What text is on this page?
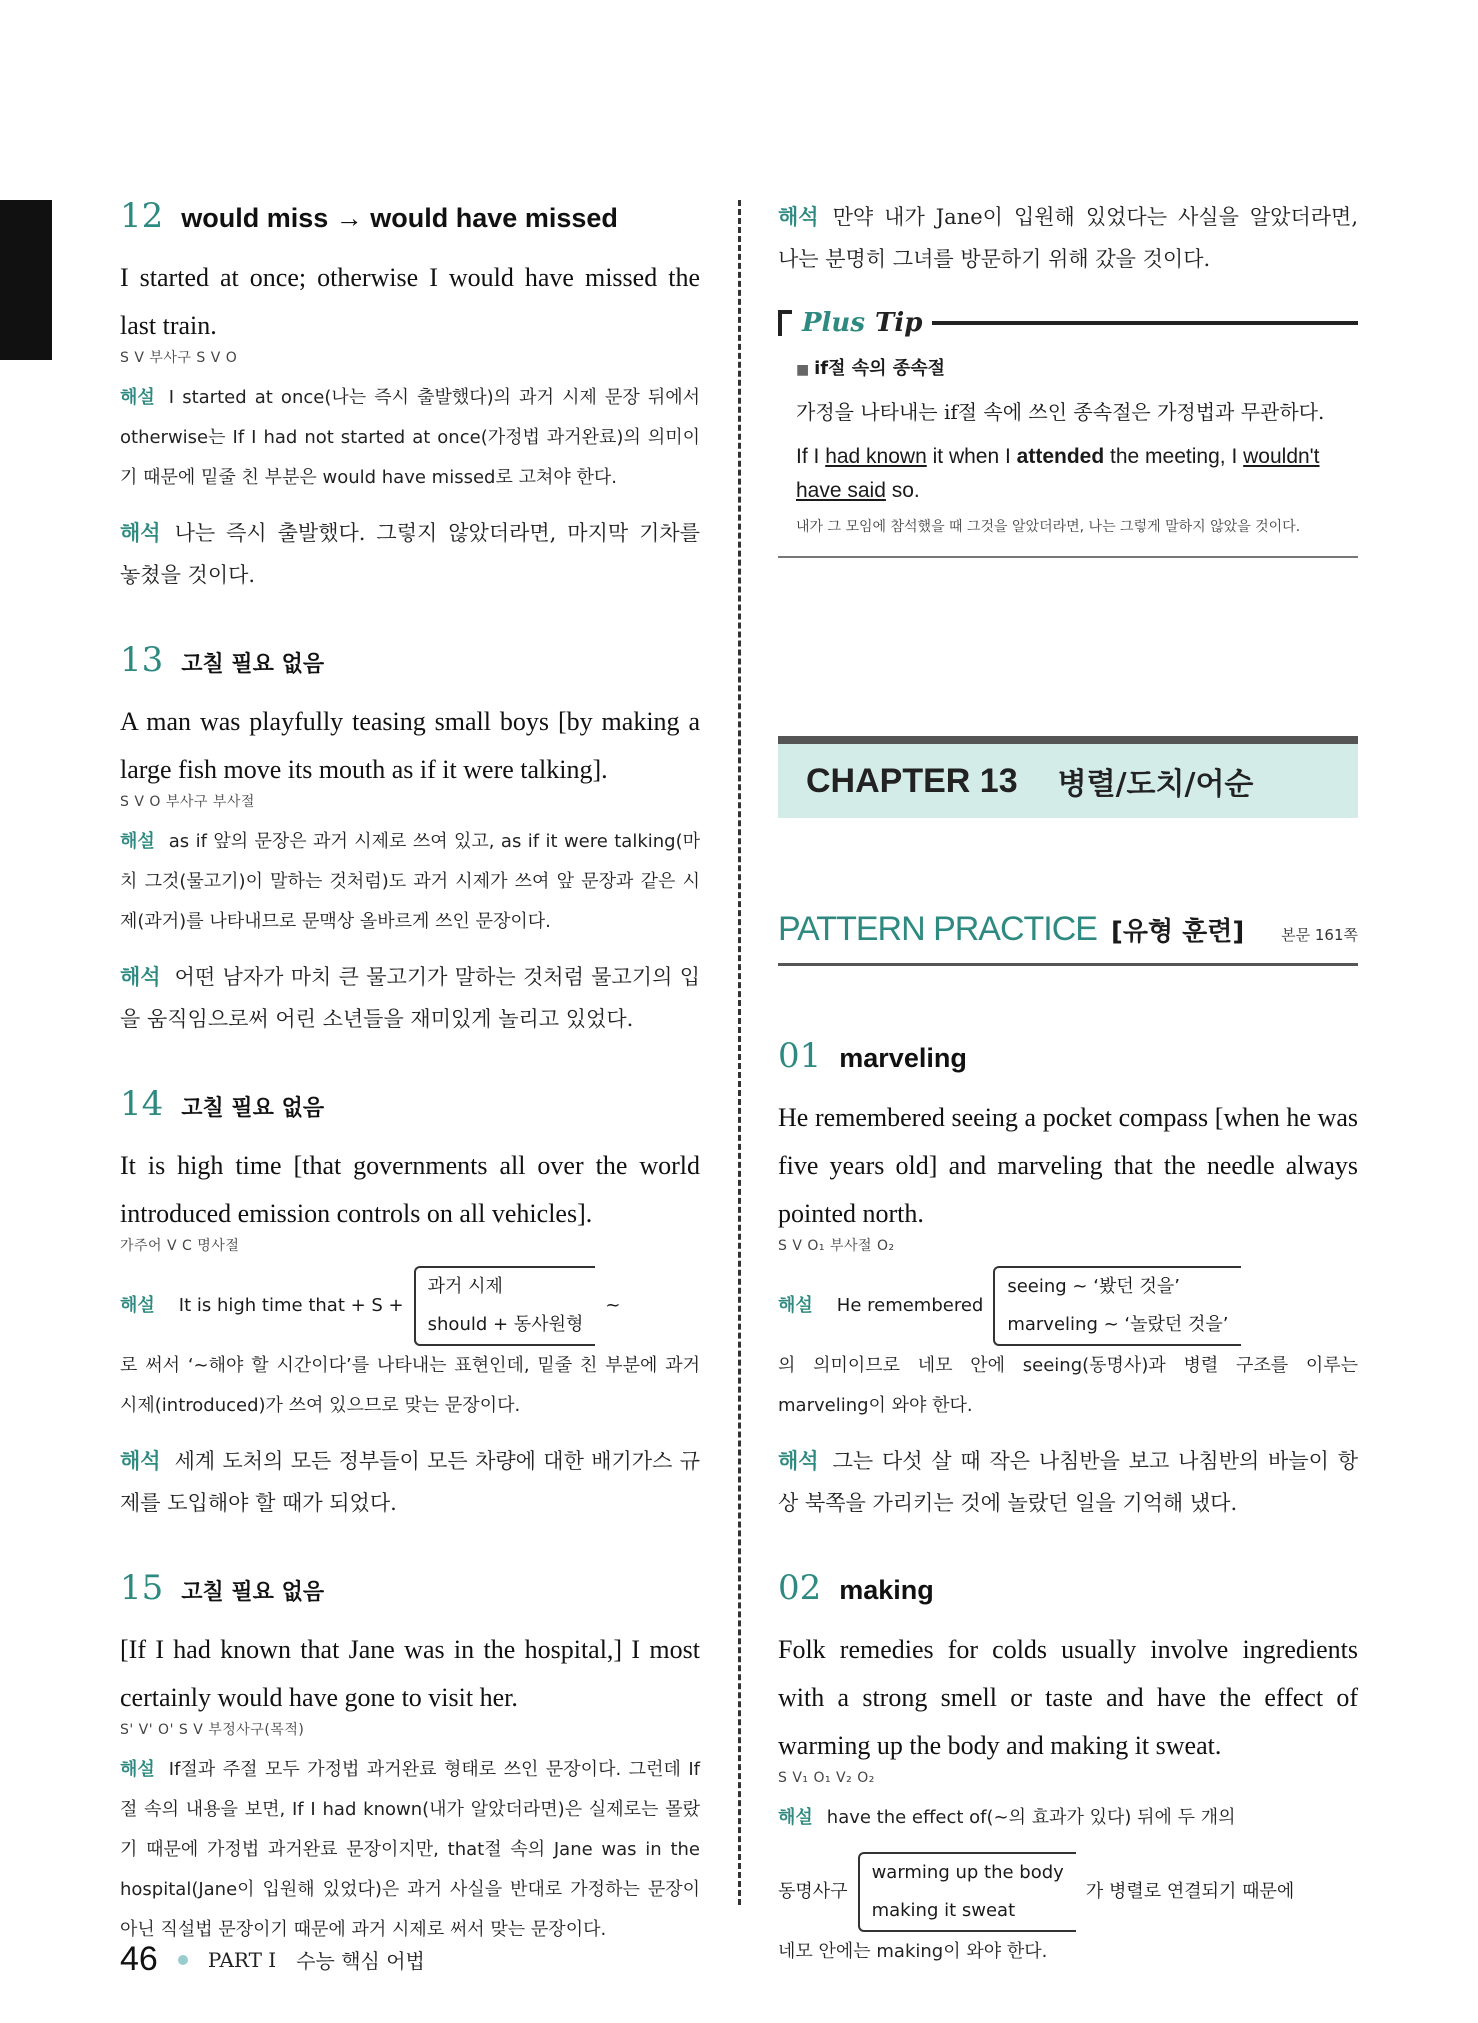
12 would miss → would have missed

I started at once; otherwise I would have missed the last train.

S V 부사구 S V O

해설 I started at once(나는 즉시 출발했다)의 과거 시제 문장 뒤에서 otherwise는 If I had not started at once(가정법 과거완료)의 의미이기 때문에 밑줄 친 부분은 would have missed로 고쳐야 한다.

해석 나는 즉시 출발했다. 그렇지 않았더라면, 마지막 기차를 놓쳤을 것이다.

13 고칠 필요 없음

A man was playfully teasing small boys [by making a large fish move its mouth as if it were talking].

S V O 부사구 부사절

해설 as if 앞의 문장은 과거 시제로 쓰여 있고, as if it were talking(마치 그것(물고기)이 말하는 것처럼)도 과거 시제가 쓰여 앞 문장과 같은 시제(과거)를 나타내므로 문맥상 올바르게 쓰인 문장이다.

해석 어떤 남자가 마치 큰 물고기가 말하는 것처럼 물고기의 입을 움직임으로써 어린 소년들을 재미있게 놀리고 있었다.

14 고칠 필요 없음

It is high time [that governments all over the world introduced emission controls on all vehicles].

가주어 V C 명사절

해설 It is high time that + S +
과거 시제
should + 동사원형
~

로 써서 ‘~해야 할 시간이다’를 나타내는 표현인데, 밑줄 친 부분에 과거 시제(introduced)가 쓰여 있으므로 맞는 문장이다.

해석 세계 도처의 모든 정부들이 모든 차량에 대한 배기가스 규제를 도입해야 할 때가 되었다.

15 고칠 필요 없음

[If I had known that Jane was in the hospital,] I most certainly would have gone to visit her.

S' V' O' S V 부정사구(목적)

해설 If절과 주절 모두 가정법 과거완료 형태로 쓰인 문장이다. 그런데 If절 속의 내용을 보면, If I had known(내가 알았더라면)은 실제로는 몰랐기 때문에 가정법 과거완료 문장이지만, that절 속의 Jane was in the hospital(Jane이 입원해 있었다)은 과거 사실을 반대로 가정하는 문장이 아닌 직설법 문장이기 때문에 과거 시제로 써서 맞는 문장이다.

해석 만약 내가 Jane이 입원해 있었다는 사실을 알았더라면, 나는 분명히 그녀를 방문하기 위해 갔을 것이다.

Plus Tip

■ if절 속의 종속절

가정을 나타내는 if절 속에 쓰인 종속절은 가정법과 무관하다.

If I had known it when I attended the meeting, I wouldn't have said so.

내가 그 모임에 참석했을 때 그것을 알았더라면, 나는 그렇게 말하지 않았을 것이다.

CHAPTER 13 병렬/도치/어순
PATTERN PRACTICE [유형 훈련] 본문 161쪽
01 marveling

He remembered seeing a pocket compass [when he was five years old] and marveling that the needle always pointed north.

S V O₁ 부사절 O₂

해설 He remembered
seeing ~ ‘봤던 것을’
marveling ~ ‘놀랐던 것을’

의 의미이므로 네모 안에 seeing(동명사)과 병렬 구조를 이루는 marveling이 와야 한다.

해석 그는 다섯 살 때 작은 나침반을 보고 나침반의 바늘이 항상 북쪽을 가리키는 것에 놀랐던 일을 기억해 냈다.

02 making

Folk remedies for colds usually involve ingredients with a strong smell or taste and have the effect of warming up the body and making it sweat.

S V₁ O₁ V₂ O₂

해설 have the effect of(~의 효과가 있다) 뒤에 두 개의

동명사구
warming up the body
making it sweat
가 병렬로 연결되기 때문에

네모 안에는 making이 와야 한다.

46	PART I 수능 핵심 어법
